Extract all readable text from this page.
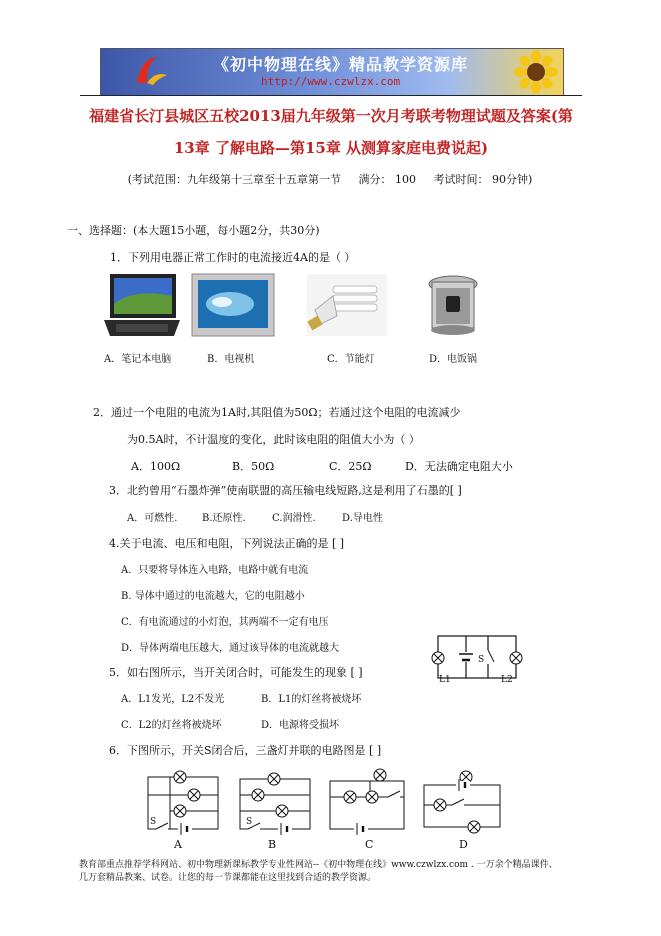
《初中物理在线》精品教学资源库
http://www.czwlzx.com
福建省长汀县城区五校2013届九年级第一次月考联考物理试题及答案(第
13章 了解电路—第15章 从测算家庭电费说起)
(考试范围：九年级第十三章至十五章第一节 满分： 100 考试时间： 90分钟)
一、选择题：(本大题15小题，每小题2分，共30分)
1．下列用电器正常工作时的电流接近4A的是（ ）
A．笔记本电脑	B．电视机	C．节能灯	D．电饭锅
2．通过一个电阻的电流为1A时,其阻值为50Ω；若通过这个电阻的电流减少
为0.5A时，不计温度的变化，此时该电阻的阻值大小为（ ）
A．100Ω	B．50Ω	C．25Ω	D．无法确定电阻大小
3．北约曾用“石墨炸弹”使南联盟的高压输电线短路,这是利用了石墨的[ ]
A．可燃性. B.还原性.	C.润滑性.	D.导电性
4.关于电流、电压和电阻，下列说法正确的是 [ ]
A．只要将导体连入电路，电路中就有电流
B. 导体中通过的电流越大，它的电阻越小
C．有电流通过的小灯泡，其两端不一定有电压
D．导体两端电压越大，通过该导体的电流就越大
L1
S
L2
5．如右图所示，当开关闭合时，可能发生的现象 [ ]
A．L1发光，L2不发光	B．L1的灯丝将被烧坏
C．L2的灯丝将被烧坏	D．电源将受损坏
6．下图所示，开关S闭合后，三盏灯并联的电路图是 [ ]
A	B	C	D
S	S
教育部重点推荐学科网站、初中物理新课标教学专业性网站--《初中物理在线》www.czwlzx.com . 一万余个精品课件、
几万套精品教案、试卷。让您的每一节课都能在这里找到合适的教学资源。
